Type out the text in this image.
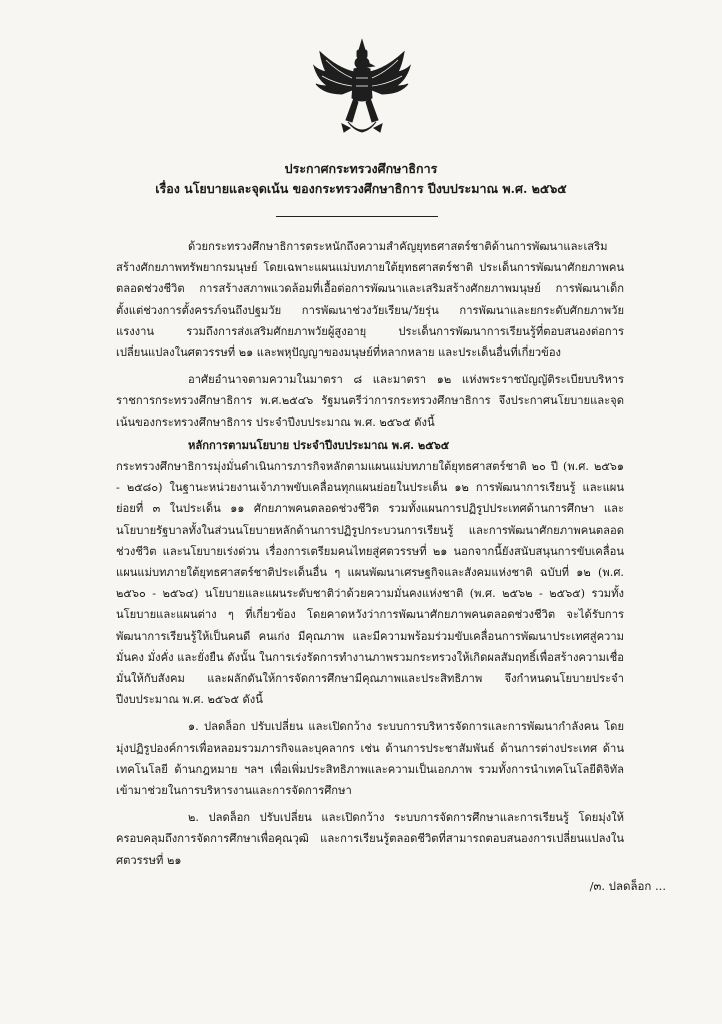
ประกาศกระทรวงศึกษาธิการ
เรื่อง นโยบายและจุดเน้น ของกระทรวงศึกษาธิการ ปีงบประมาณ พ.ศ. ๒๕๖๕

ด้วยกระทรวงศึกษาธิการตระหนักถึงความสำคัญยุทธศาสตร์ชาติด้านการพัฒนาและเสริมสร้างศักยภาพทรัพยากรมนุษย์ โดยเฉพาะแผนแม่บทภายใต้ยุทธศาสตร์ชาติ ประเด็นการพัฒนาศักยภาพคนตลอดช่วงชีวิต การสร้างสภาพแวดล้อมที่เอื้อต่อการพัฒนาและเสริมสร้างศักยภาพมนุษย์ การพัฒนาเด็กตั้งแต่ช่วงการตั้งครรภ์จนถึงปฐมวัย การพัฒนาช่วงวัยเรียน/วัยรุ่น การพัฒนาและยกระดับศักยภาพวัยแรงงาน รวมถึงการส่งเสริมศักยภาพวัยผู้สูงอายุ ประเด็นการพัฒนาการเรียนรู้ที่ตอบสนองต่อการเปลี่ยนแปลงในศตวรรษที่ ๒๑ และพหุปัญญาของมนุษย์ที่หลากหลาย และประเด็นอื่นที่เกี่ยวข้อง

อาศัยอำนาจตามความในมาตรา ๘ และมาตรา ๑๒ แห่งพระราชบัญญัติระเบียบบริหารราชการกระทรวงศึกษาธิการ พ.ศ.๒๕๔๖ รัฐมนตรีว่าการกระทรวงศึกษาธิการ จึงประกาศนโยบายและจุดเน้นของกระทรวงศึกษาธิการ ประจำปีงบประมาณ พ.ศ. ๒๕๖๕ ดังนี้

หลักการตามนโยบาย ประจำปีงบประมาณ พ.ศ. ๒๕๖๕

กระทรวงศึกษาธิการมุ่งมั่นดำเนินการภารกิจหลักตามแผนแม่บทภายใต้ยุทธศาสตร์ชาติ ๒๐ ปี (พ.ศ. ๒๕๖๑ - ๒๕๘๐) ในฐานะหน่วยงานเจ้าภาพขับเคลื่อนทุกแผนย่อยในประเด็น ๑๒ การพัฒนาการเรียนรู้ และแผนย่อยที่ ๓ ในประเด็น ๑๑ ศักยภาพคนตลอดช่วงชีวิต รวมทั้งแผนการปฏิรูปประเทศด้านการศึกษา และนโยบายรัฐบาลทั้งในส่วนนโยบายหลักด้านการปฏิรูปกระบวนการเรียนรู้ และการพัฒนาศักยภาพคนตลอดช่วงชีวิต และนโยบายเร่งด่วน เรื่องการเตรียมคนไทยสู่ศตวรรษที่ ๒๑ นอกจากนี้ยังสนับสนุนการขับเคลื่อนแผนแม่บทภายใต้ยุทธศาสตร์ชาติประเด็นอื่น ๆ แผนพัฒนาเศรษฐกิจและสังคมแห่งชาติ ฉบับที่ ๑๒ (พ.ศ. ๒๕๖๐ - ๒๕๖๔) นโยบายและแผนระดับชาติว่าด้วยความมั่นคงแห่งชาติ (พ.ศ. ๒๕๖๒ - ๒๕๖๕) รวมทั้งนโยบายและแผนต่าง ๆ ที่เกี่ยวข้อง โดยคาดหวังว่าการพัฒนาศักยภาพคนตลอดช่วงชีวิต จะได้รับการพัฒนาการเรียนรู้ให้เป็นคนดี คนเก่ง มีคุณภาพ และมีความพร้อมร่วมขับเคลื่อนการพัฒนาประเทศสู่ความมั่นคง มั่งคั่ง และยั่งยืน ดังนั้น ในการเร่งรัดการทำงานภาพรวมกระทรวงให้เกิดผลสัมฤทธิ์เพื่อสร้างความเชื่อมั่นให้กับสังคม และผลักดันให้การจัดการศึกษามีคุณภาพและประสิทธิภาพ จึงกำหนดนโยบายประจำปีงบประมาณ พ.ศ. ๒๕๖๕ ดังนี้

๑. ปลดล็อก ปรับเปลี่ยน และเปิดกว้าง ระบบการบริหารจัดการและการพัฒนากำลังคน โดยมุ่งปฏิรูปองค์การเพื่อหลอมรวมภารกิจและบุคลากร เช่น ด้านการประชาสัมพันธ์ ด้านการต่างประเทศ ด้านเทคโนโลยี ด้านกฎหมาย ฯลฯ เพื่อเพิ่มประสิทธิภาพและความเป็นเอกภาพ รวมทั้งการนำเทคโนโลยีดิจิทัลเข้ามาช่วยในการบริหารงานและการจัดการศึกษา

๒. ปลดล็อก ปรับเปลี่ยน และเปิดกว้าง ระบบการจัดการศึกษาและการเรียนรู้ โดยมุ่งให้ครอบคลุมถึงการจัดการศึกษาเพื่อคุณวุฒิ และการเรียนรู้ตลอดชีวิตที่สามารถตอบสนองการเปลี่ยนแปลงในศตวรรษที่ ๒๑

/๓. ปลดล็อก ...
